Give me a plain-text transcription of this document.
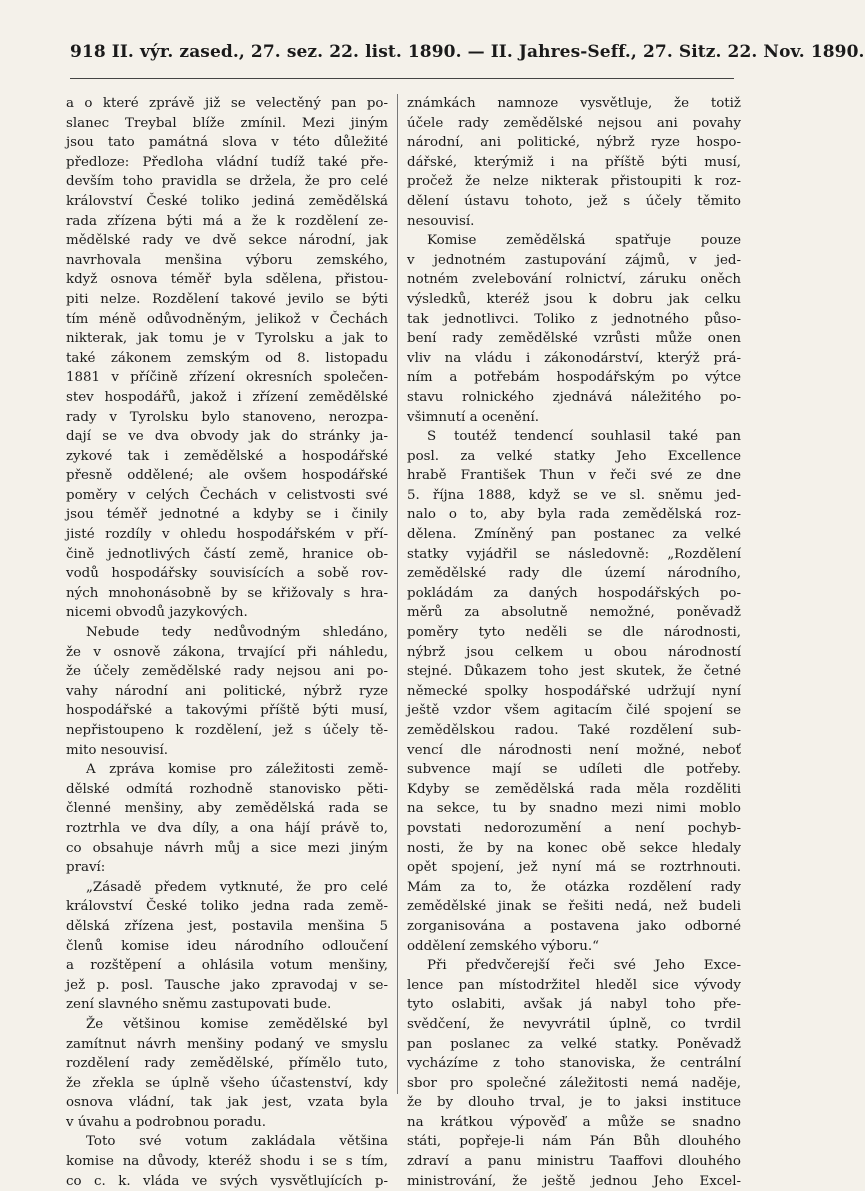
918 II. výr. zased., 27. sez. 22. list. 1890. — II. Jahres-Seff., 27. Sitz. 22. Nov. 1890.
a o které zprávě již se velectěný pan po-
slanec Treybal blíže zmínil. Mezi jiným
jsou tato památná slova v této důležité
předloze: Předloha vládní tudíž také pře-
devším toho pravidla se držela, že pro celé
království České toliko jediná zemědělská
rada zřízena býti má a že k rozdělení ze-
mědělské rady ve dvě sekce národní, jak
navrhovala menšina výboru zemského,
když osnova téměř byla sdělena, přistou-
piti nelze. Rozdělení takové jevilo se býti
tím méně odůvodněným, jelikož v Čechách
nikterak, jak tomu je v Tyrolsku a jak to
také zákonem zemským od 8. listopadu
1881 v příčině zřízení okresních společen-
stev hospodářů, jakož i zřízení zemědělské
rady v Tyrolsku bylo stanoveno, nerozpa-
dají se ve dva obvody jak do stránky ja-
zykové tak i zemědělské a hospodářské
přesně oddělené; ale ovšem hospodářské
poměry v celých Čechách v celistvosti své
jsou téměř jednotné a kdyby se i činily
jisté rozdíly v ohledu hospodářském v pří-
čině jednotlivých částí země, hranice ob-
vodů hospodářsky souvisících a sobě rov-
ných mnohonásobně by se křižovaly s hra-
nicemi obvodů jazykových.
Nebude tedy nedůvodným shledáno,
že v osnově zákona, trvající při náhledu,
že účely zemědělské rady nejsou ani po-
vahy národní ani politické, nýbrž ryze
hospodářské a takovými příště býti musí,
nepřistoupeno k rozdělení, jež s účely tě-
mito nesouvisí.
A zpráva komise pro záležitosti země-
dělské odmítá rozhodně stanovisko pěti-
členné menšiny, aby zemědělská rada se
roztrhla ve dva díly, a ona hájí právě to,
co obsahuje návrh můj a sice mezi jiným
praví:
„Zásadě předem vytknuté, že pro celé
království České toliko jedna rada země-
dělská zřízena jest, postavila menšina 5
členů komise ideu národního odloučení
a rozštěpení a ohlásila votum menšiny,
jež p. posl. Tausche jako zpravodaj v se-
zení slavného sněmu zastupovati bude.
Že většinou komise zemědělské byl
zamítnut návrh menšiny podaný ve smyslu
rozdělení rady zemědělské, přímělo tuto,
že zřekla se úplně všeho účastenství, kdy
osnova vládní, tak jak jest, vzata byla
v úvahu a podrobnou poradu.
Toto své votum zakládala většina
komise na důvody, kteréž shodu i se s tím,
co c. k. vláda ve svých vysvětlujících p-
známkách namnoze vysvětluje, že totiž
účele rady zemědělské nejsou ani povahy
národní, ani politické, nýbrž ryze hospo-
dářské, kterýmiž i na příště býti musí,
pročež že nelze nikterak přistoupiti k roz-
dělení ústavu tohoto, jež s účely těmito
nesouvisí.
Komise zemědělská spatřuje pouze
v jednotném zastupování zájmů, v jed-
notném zvelebování rolnictví, záruku oněch
výsledků, kteréž jsou k dobru jak celku
tak jednotlivci. Toliko z jednotného půso-
bení rady zemědělské vzrůsti může onen
vliv na vládu i zákonodárství, kterýž prá-
ním a potřebám hospodářským po výtce
stavu rolnického zjednává náležitého po-
všimnutí a ocenění.
S toutéž tendencí souhlasil také pan
posl. za velké statky Jeho Excellence
hrabě František Thun v řeči své ze dne
5. října 1888, když se ve sl. sněmu jed-
nalo o to, aby byla rada zemědělská roz-
dělena. Zmíněný pan postanec za velké
statky vyjádřil se následovně: „Rozdělení
zemědělské rady dle území národního,
pokládám za daných hospodářských po-
měrů za absolutně nemožné, poněvadž
poměry tyto neděli se dle národnosti,
nýbrž jsou celkem u obou národností
stejné. Důkazem toho jest skutek, že četné
německé spolky hospodářské udržují nyní
ještě vzdor všem agitacím čilé spojení se
zemědělskou radou. Také rozdělení sub-
vencí dle národnosti není možné, neboť
subvence mají se udíleti dle potřeby.
Kdyby se zemědělská rada měla rozděliti
na sekce, tu by snadno mezi nimi moblo
povstati nedorozumění a není pochyb-
nosti, že by na konec obě sekce hledaly
opět spojení, jež nyní má se roztrhnouti.
Mám za to, že otázka rozdělení rady
zemědělské jinak se řešiti nedá, než budeli
zorganisována a postavena jako odborné
oddělení zemského výboru.“
Při předvčerejší řeči své Jeho Exce-
lence pan místodržitel hleděl sice vývody
tyto oslabiti, avšak já nabyl toho pře-
svědčení, že nevyvrátil úplně, co tvrdil
pan poslanec za velké statky. Poněvadž
vycházíme z toho stanoviska, že centrální
sbor pro společné záležitosti nemá naděje,
že by dlouho trval, je to jaksi instituce
na krátkou výpověď a může se snadno
státi, popřeje-li nám Pán Bůh dlouhého
zdraví a panu ministru Taaffovi dlouhého
ministrování, že ještě jednou Jeho Excel-
